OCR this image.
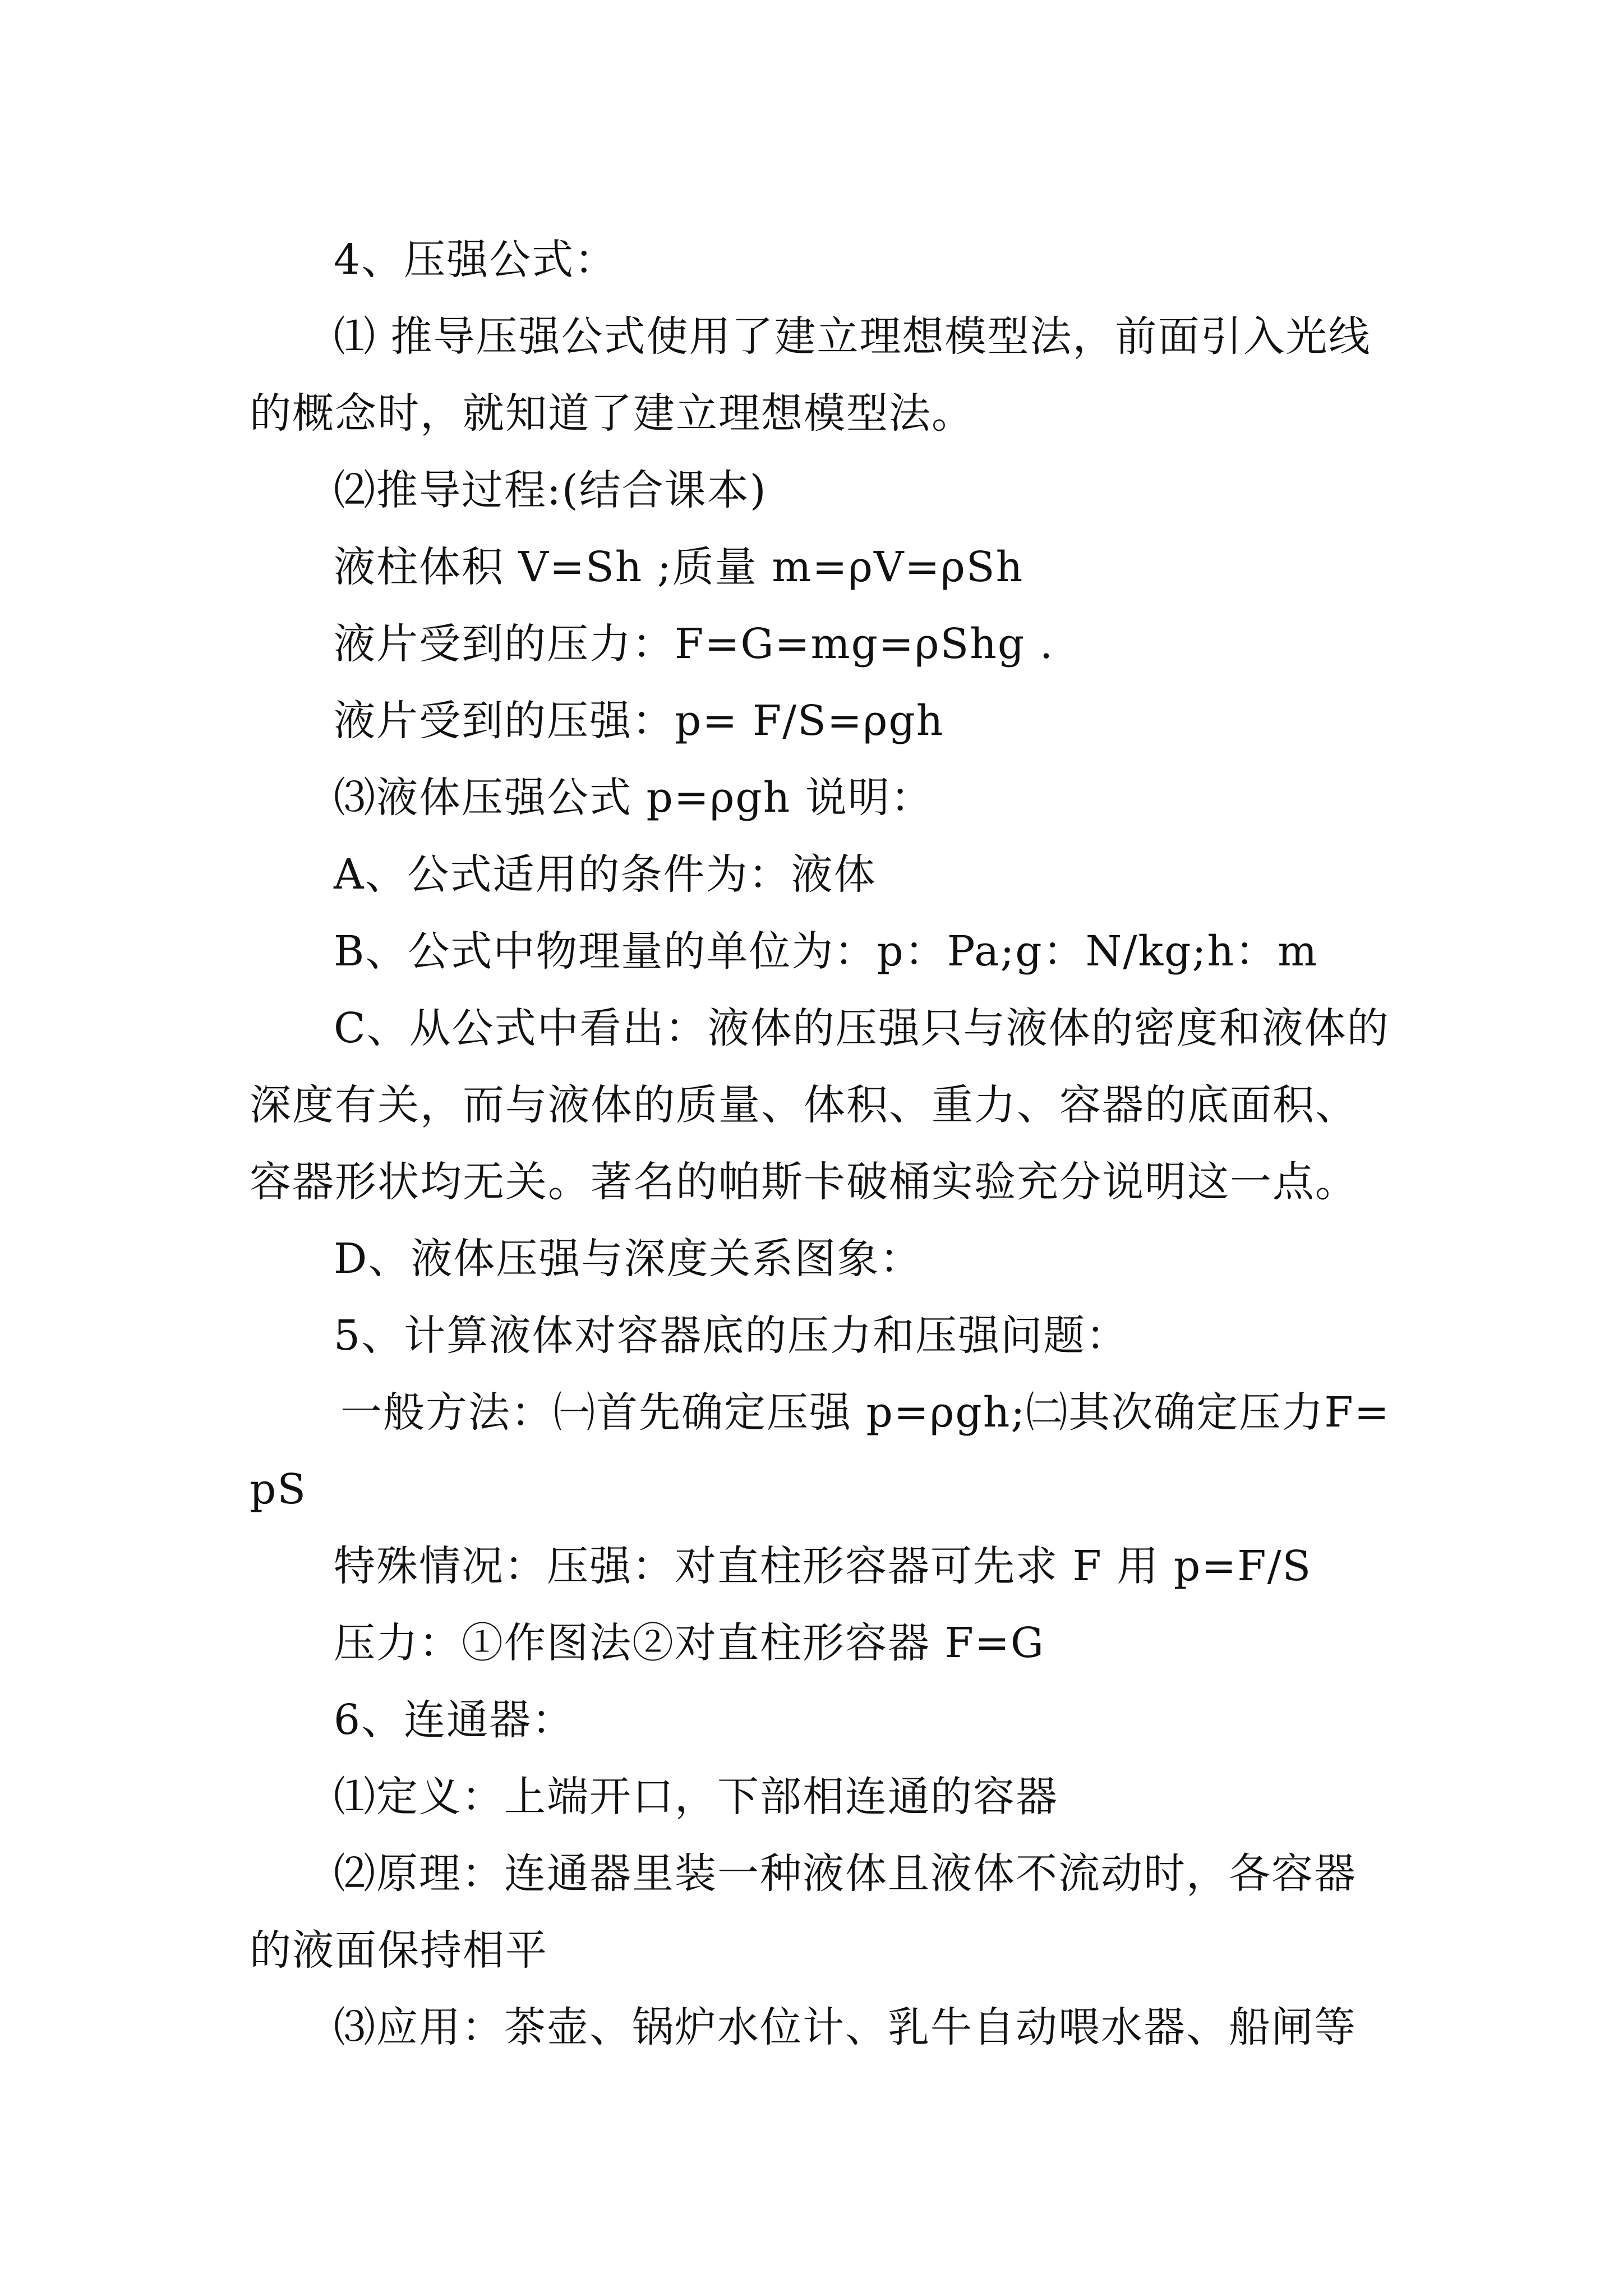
4、压强公式：

⑴ 推导压强公式使用了建立理想模型法，前面引入光线的概念时，就知道了建立理想模型法。

⑵推导过程:(结合课本)

液柱体积 V=Sh ;质量 m=ρV=ρSh

液片受到的压力：F=G=mg=ρShg .

液片受到的压强：p= F/S=ρgh

⑶液体压强公式 p=ρgh 说明：

A、公式适用的条件为：液体

B、公式中物理量的单位为：p：Pa;g：N/kg;h：m

C、从公式中看出：液体的压强只与液体的密度和液体的深度有关，而与液体的质量、体积、重力、容器的底面积、容器形状均无关。著名的帕斯卡破桶实验充分说明这一点。

D、液体压强与深度关系图象：

5、计算液体对容器底的压力和压强问题：

一般方法：㈠首先确定压强 p=ρgh;㈡其次确定压力F=pS

特殊情况：压强：对直柱形容器可先求 F 用 p=F/S

压力：①作图法②对直柱形容器 F=G

6、连通器：

⑴定义：上端开口，下部相连通的容器

⑵原理：连通器里装一种液体且液体不流动时，各容器的液面保持相平

⑶应用：茶壶、锅炉水位计、乳牛自动喂水器、船闸等
